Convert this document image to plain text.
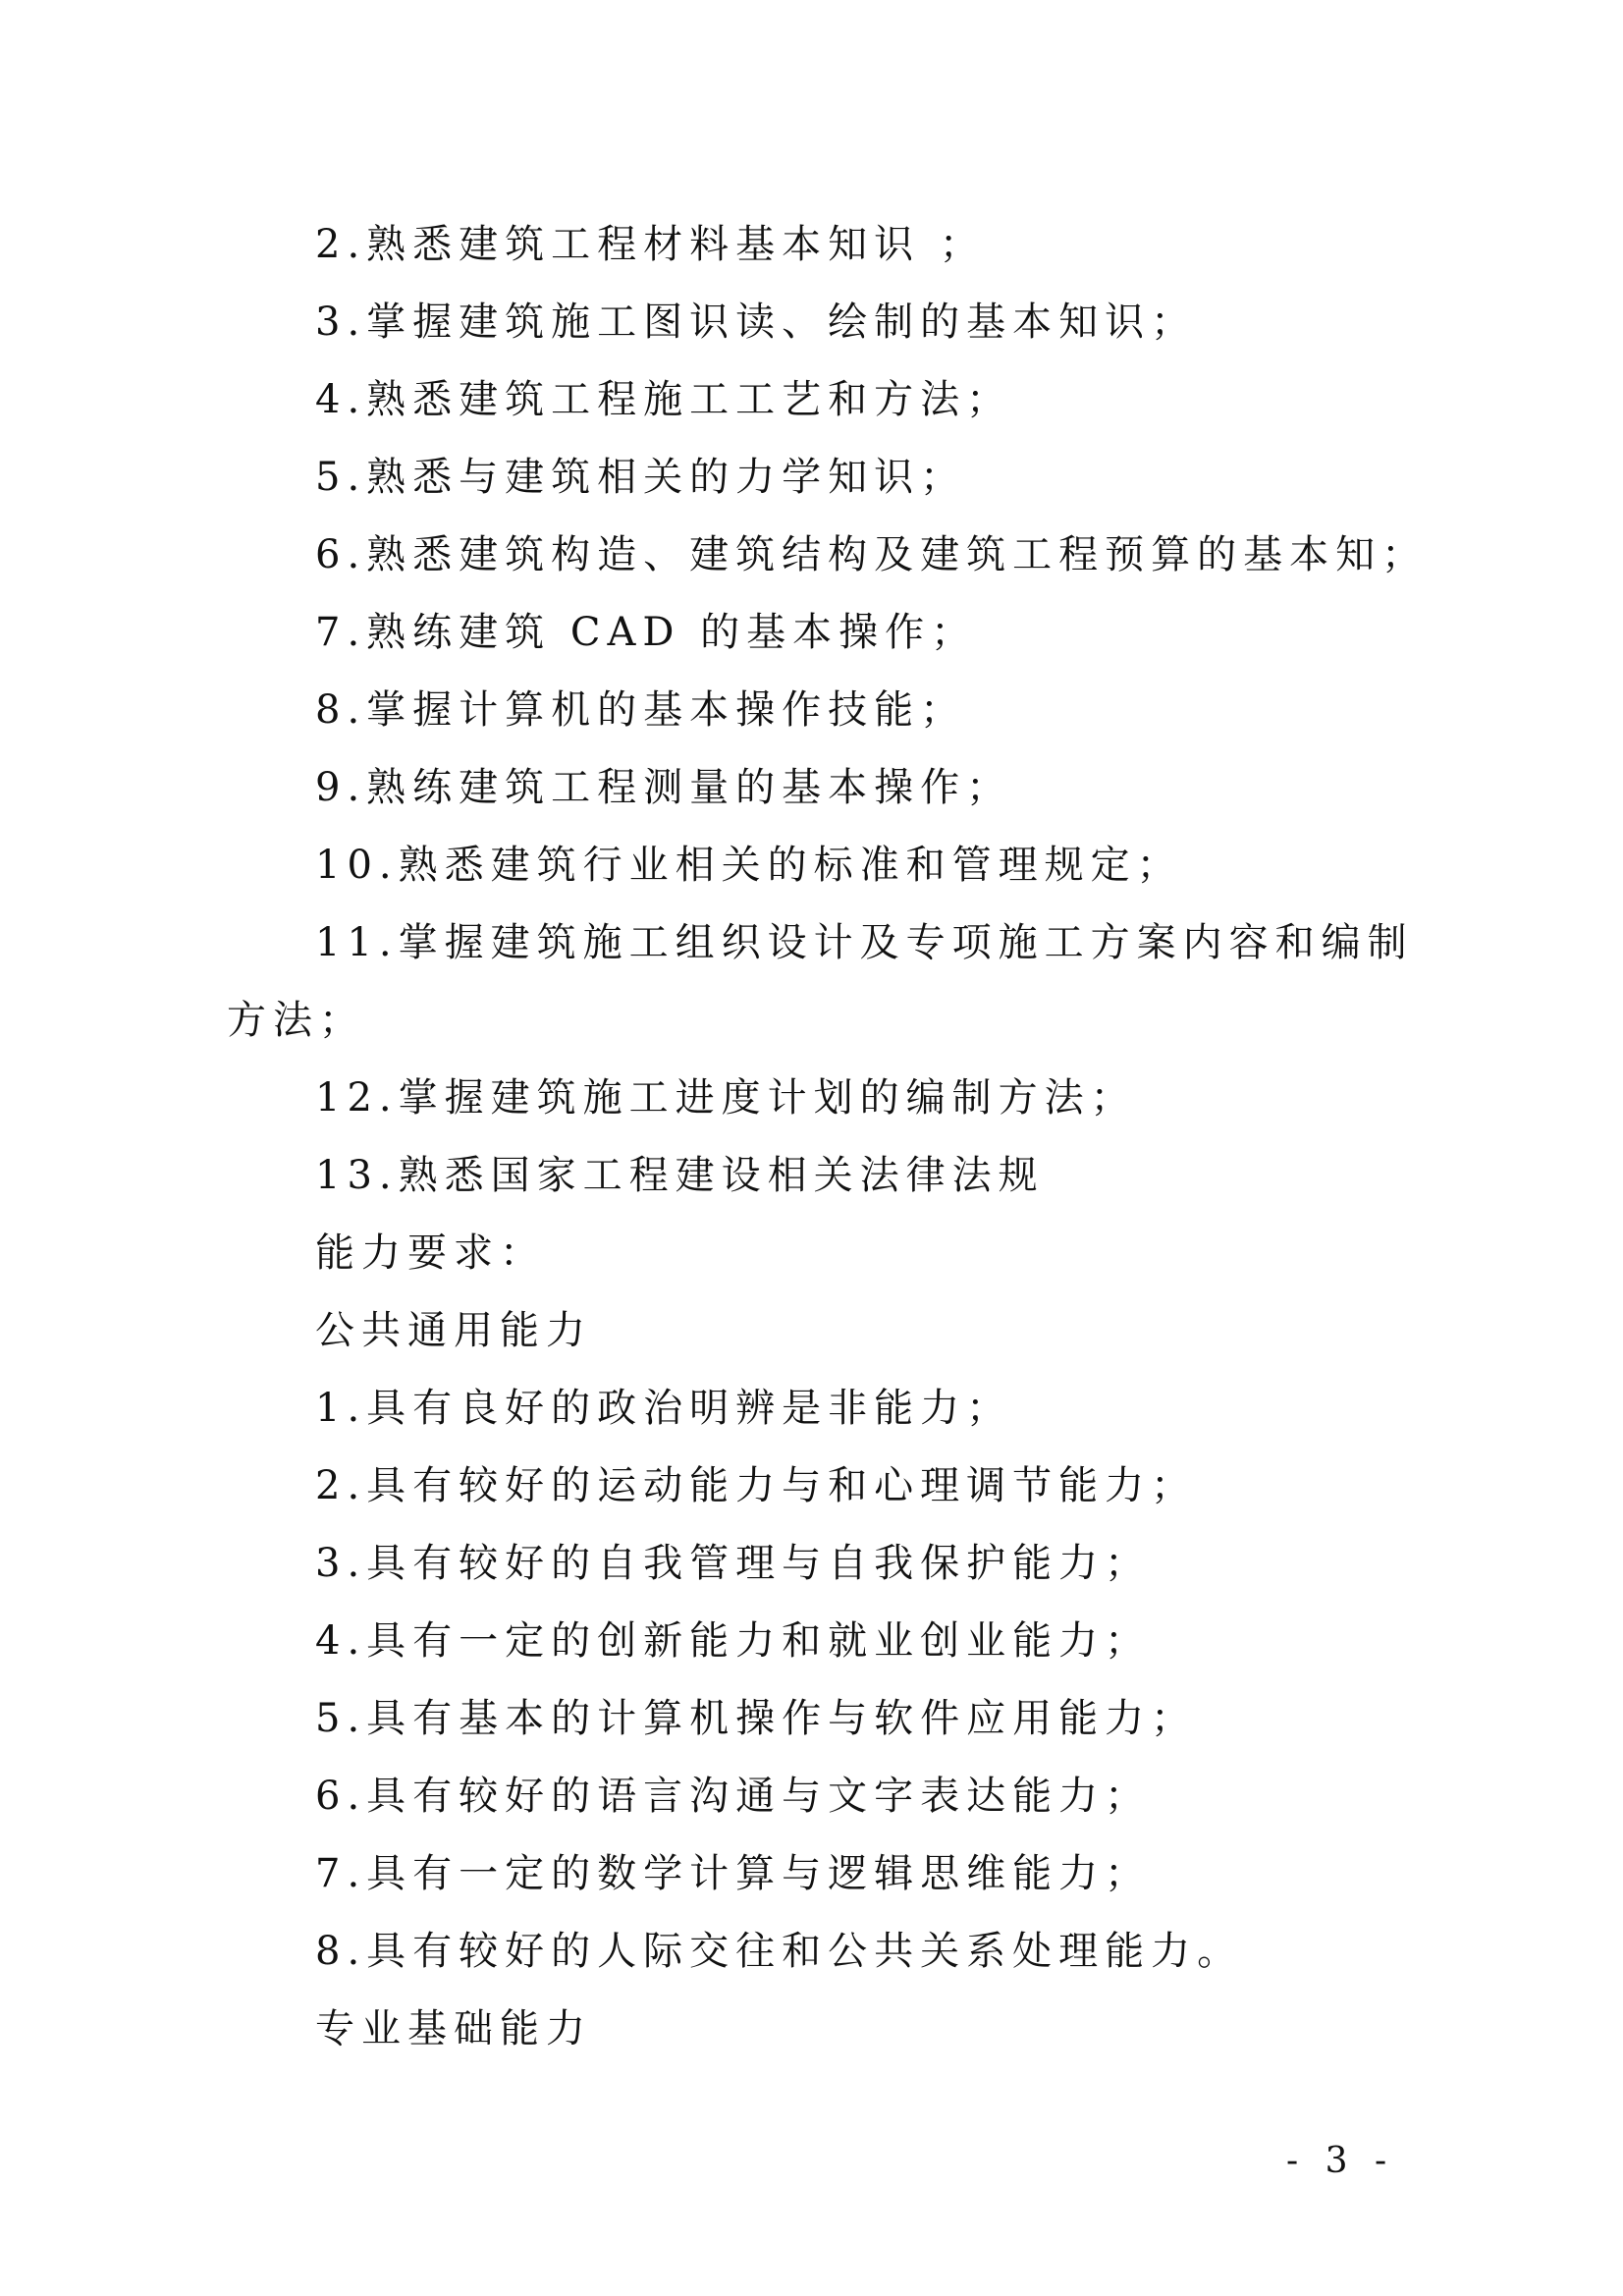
2.熟悉建筑工程材料基本知识 ；
3.掌握建筑施工图识读、绘制的基本知识；
4.熟悉建筑工程施工工艺和方法；
5.熟悉与建筑相关的力学知识；
6.熟悉建筑构造、建筑结构及建筑工程预算的基本知；
7.熟练建筑 CAD 的基本操作；
8.掌握计算机的基本操作技能；
9.熟练建筑工程测量的基本操作；
10.熟悉建筑行业相关的标准和管理规定；
11.掌握建筑施工组织设计及专项施工方案内容和编制
方法；
12.掌握建筑施工进度计划的编制方法；
13.熟悉国家工程建设相关法律法规
能力要求：
公共通用能力
1.具有良好的政治明辨是非能力；
2.具有较好的运动能力与和心理调节能力；
3.具有较好的自我管理与自我保护能力；
4.具有一定的创新能力和就业创业能力；
5.具有基本的计算机操作与软件应用能力；
6.具有较好的语言沟通与文字表达能力；
7.具有一定的数学计算与逻辑思维能力；
8.具有较好的人际交往和公共关系处理能力。
专业基础能力
- 3 -
